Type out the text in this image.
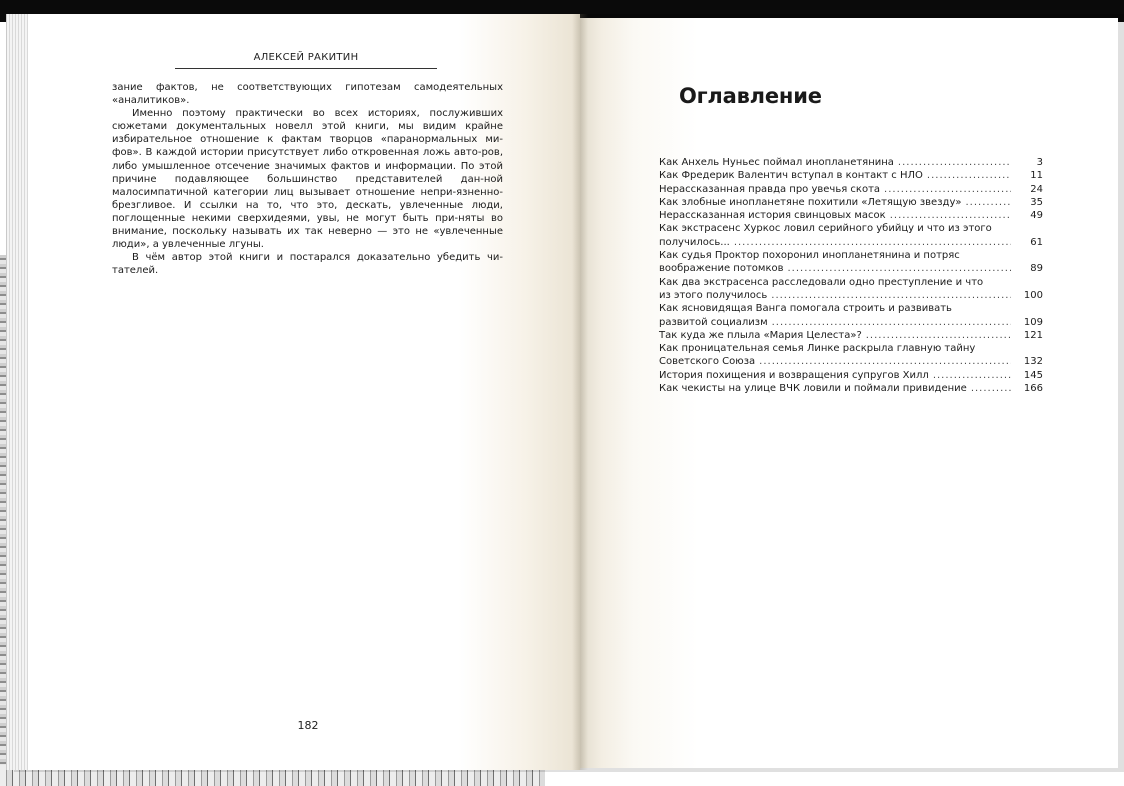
АЛЕКСЕЙ РАКИТИН

зание фактов, не соответствующих гипотезам самодеятельных «аналитиков».

Именно поэтому практически во всех историях, послуживших сюжетами документальных новелл этой книги, мы видим крайне избирательное отношение к фактам творцов «паранормальных ми-фов». В каждой истории присутствует либо откровенная ложь авто-ров, либо умышленное отсечение значимых фактов и информации. По этой причине подавляющее большинство представителей дан-ной малосимпатичной категории лиц вызывает отношение непри-язненно-брезгливое. И ссылки на то, что это, дескать, увлеченные люди, поглощенные некими сверхидеями, увы, не могут быть при-няты во внимание, поскольку называть их так неверно — это не «увлеченные люди», а увлеченные лгуны.

В чём автор этой книги и постарался доказательно убедить чи-тателей.

182
Оглавление
Как Анхель Нуньес поймал инопланетянина .....	3
Как Фредерик Валентич вступал в контакт с НЛО .....	11
Нерассказанная правда про увечья скота .....	24
Как злобные инопланетяне похитили «Летящую звезду» .....	35
Нерассказанная история свинцовых масок .....	49
Как экстрасенс Хуркос ловил серийного убийцу и что из этого
получилось... .....	61
Как судья Проктор похоронил инопланетянина и потряс
воображение потомков .....	89
Как два экстрасенса расследовали одно преступление и что
из этого получилось .....	100
Как ясновидящая Ванга помогала строить и развивать
развитой социализм .....	109
Так куда же плыла «Мария Целеста»? .....	121
Как проницательная семья Линке раскрыла главную тайну
Советского Союза .....	132
История похищения и возвращения супругов Хилл .....	145
Как чекисты на улице ВЧК ловили и поймали привидение .....	166
